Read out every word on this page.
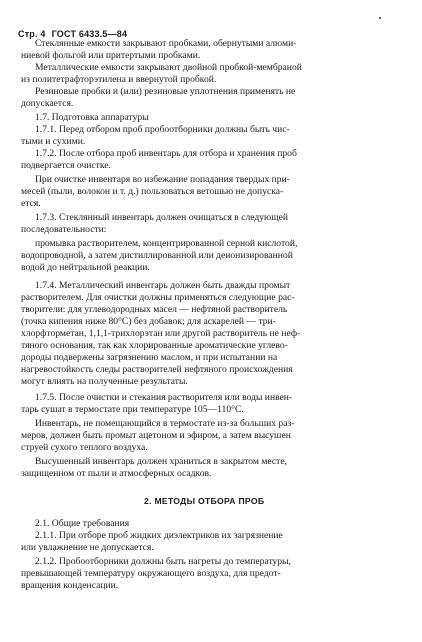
Стр. 4 ГОСТ 6433.5—84
Стеклянные емкости закрывают пробками, обернутыми алюми-
ниевой фольгой или притертыми пробками.
Металлические емкости закрывают двойной пробкой-мембраной
из политетрафторэтилена и ввернутой пробкой.
Резиновые пробки и (или) резиновые уплотнения применять не
допускается.
1.7. Подготовка аппаратуры
1.7.1. Перед отбором проб пробоотборники должны быть чис-
тыми и сухими.
1.7.2. После отбора проб инвентарь для отбора и хранения проб
подвергается очистке.
При очистке инвентаря во избежание попадания твердых при-
месей (пыли, волокон и т. д.) пользоваться ветошью не допуска-
ется.
1.7.3. Стеклянный инвентарь должен очищаться в следующей
последовательности:
промывка растворителем, концентрированной серной кислотой,
водопроводной, а затем дистиллированной или деионизированной
водой до нейтральной реакции.
1.7.4. Металлический инвентарь должен быть дважды промыт
растворителем. Для очистки должны применяться следующие рас-
творители: для углеводородных масел — нефтяной растворитель
(точка кипения ниже 80°C) без добавок; для аскарелей — три-
хлорфторметан, 1,1,1-трихлорэтан или другой растворитель не неф-
тяного основания, так как хлорированные ароматические углево-
дороды подвержены загрязнению маслом, и при испытании на
нагревостойкость следы растворителей нефтяного происхождения
могут влиять на полученные результаты.
1.7.5. После очистки и стекания растворителя или воды инвен-
тарь сушат в термостате при температуре 105—110°C.
Инвентарь, не помещающийся в термостате из-за больших раз-
меров, должен быть промыт ацетоном и эфиром, а затем высушен
струей сухого теплого воздуха.
Высушенный инвентарь должен храниться в закрытом месте,
защищенном от пыли и атмосферных осадков.
2. МЕТОДЫ ОТБОРА ПРОБ
2.1. Общие требования
2.1.1. При отборе проб жидких диэлектриков их загрязнение
или увлажнение не допускается.
2.1.2. Пробоотборники должны быть нагреты до температуры,
превышающей температуру окружающего воздуха, для предот-
вращения конденсации.
